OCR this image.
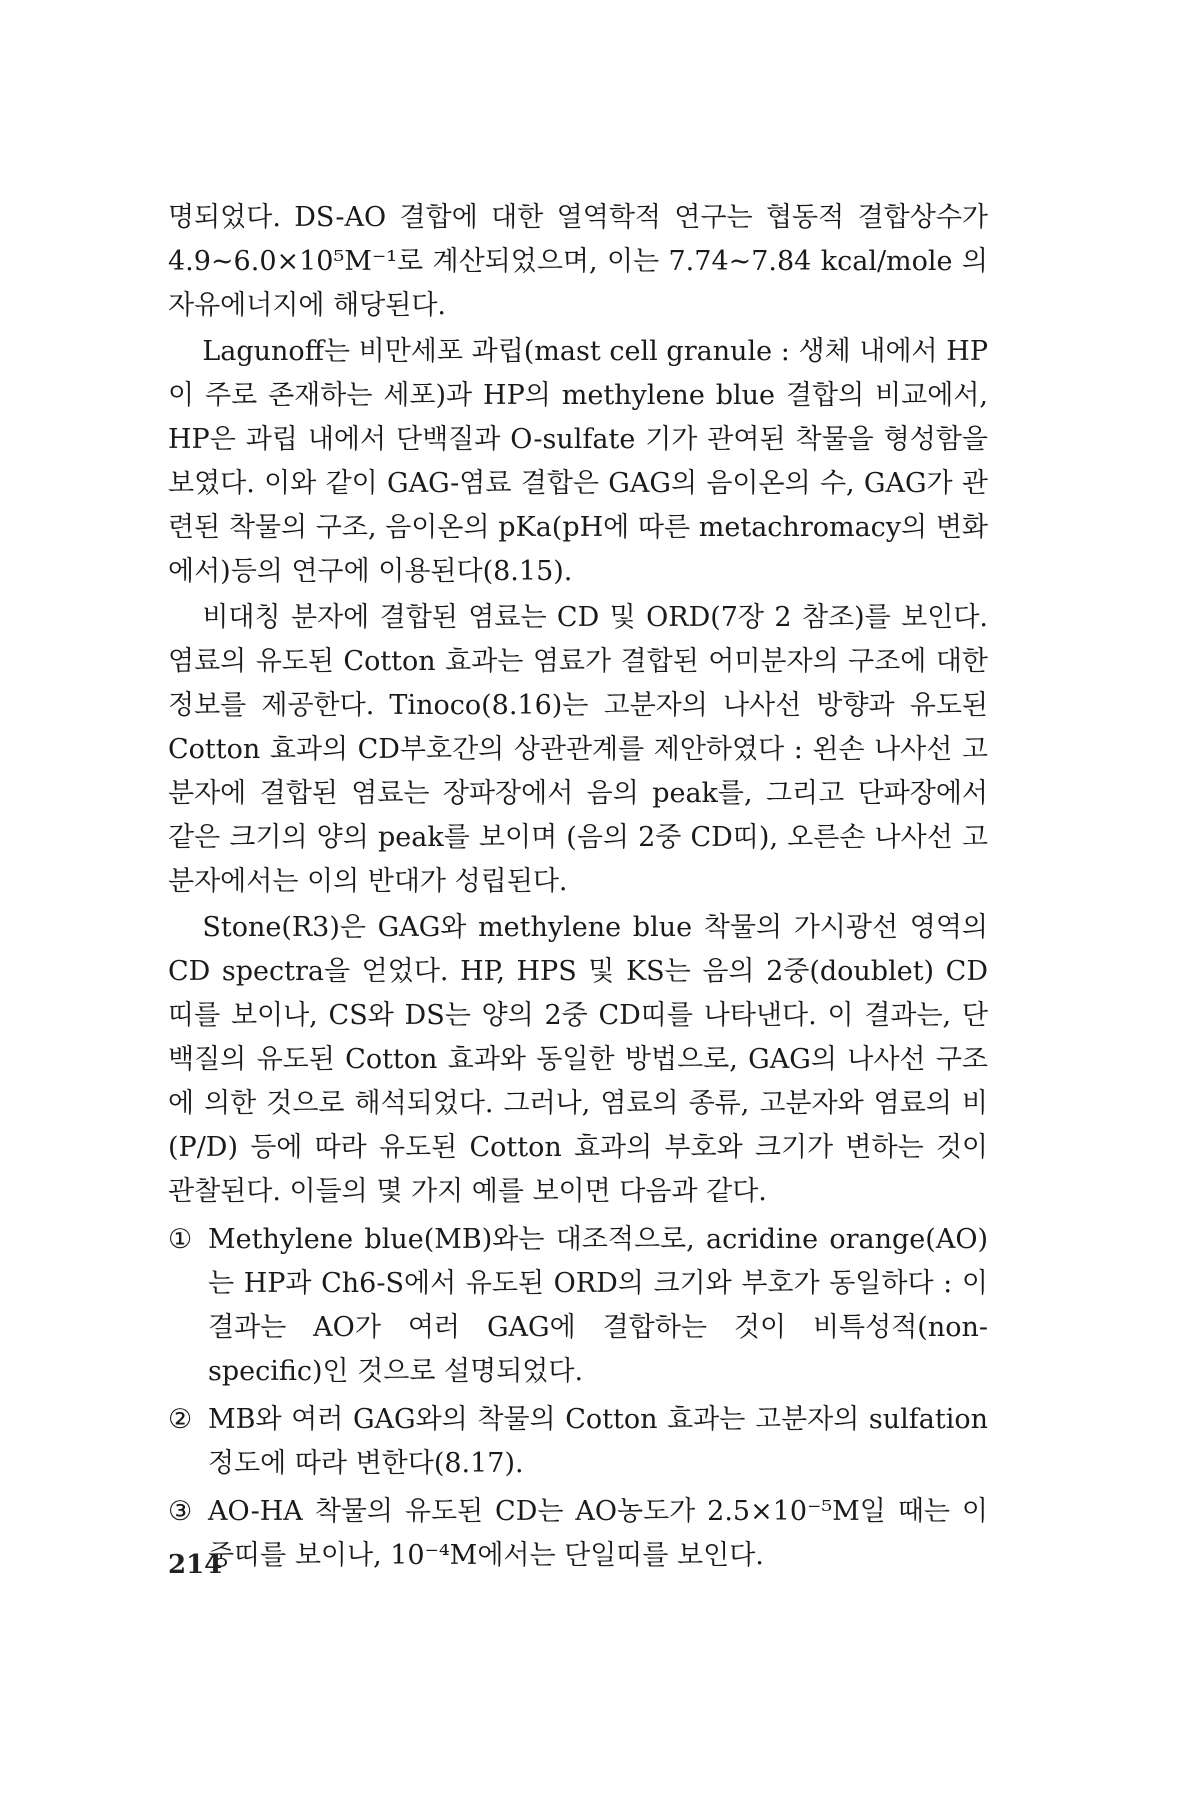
명되었다. DS-AO 결합에 대한 열역학적 연구는 협동적 결합상수가 4.9~6.0×10⁵M⁻¹로 계산되었으며, 이는 7.74~7.84 kcal/mole 의 자유에너지에 해당된다.

Lagunoff는 비만세포 과립(mast cell granule : 생체 내에서 HP이 주로 존재하는 세포)과 HP의 methylene blue 결합의 비교에서, HP은 과립 내에서 단백질과 O-sulfate 기가 관여된 착물을 형성함을 보였다. 이와 같이 GAG-염료 결합은 GAG의 음이온의 수, GAG가 관련된 착물의 구조, 음이온의 pKa(pH에 따른 metachromacy의 변화에서)등의 연구에 이용된다(8.15).

비대칭 분자에 결합된 염료는 CD 및 ORD(7장 2 참조)를 보인다. 염료의 유도된 Cotton 효과는 염료가 결합된 어미분자의 구조에 대한 정보를 제공한다. Tinoco(8.16)는 고분자의 나사선 방향과 유도된 Cotton 효과의 CD부호간의 상관관계를 제안하였다 : 왼손 나사선 고분자에 결합된 염료는 장파장에서 음의 peak를, 그리고 단파장에서 같은 크기의 양의 peak를 보이며 (음의 2중 CD띠), 오른손 나사선 고분자에서는 이의 반대가 성립된다.

Stone(R3)은 GAG와 methylene blue 착물의 가시광선 영역의 CD spectra을 얻었다. HP, HPS 및 KS는 음의 2중(doublet) CD 띠를 보이나, CS와 DS는 양의 2중 CD띠를 나타낸다. 이 결과는, 단백질의 유도된 Cotton 효과와 동일한 방법으로, GAG의 나사선 구조에 의한 것으로 해석되었다. 그러나, 염료의 종류, 고분자와 염료의 비(P/D) 등에 따라 유도된 Cotton 효과의 부호와 크기가 변하는 것이 관찰된다. 이들의 몇 가지 예를 보이면 다음과 같다.

① Methylene blue(MB)와는 대조적으로, acridine orange(AO)는 HP과 Ch6-S에서 유도된 ORD의 크기와 부호가 동일하다 : 이 결과는 AO가 여러 GAG에 결합하는 것이 비특성적(non-specific)인 것으로 설명되었다.
② MB와 여러 GAG와의 착물의 Cotton 효과는 고분자의 sulfation 정도에 따라 변한다(8.17).
③ AO-HA 착물의 유도된 CD는 AO농도가 2.5×10⁻⁵M일 때는 이중띠를 보이나, 10⁻⁴M에서는 단일띠를 보인다.
214
